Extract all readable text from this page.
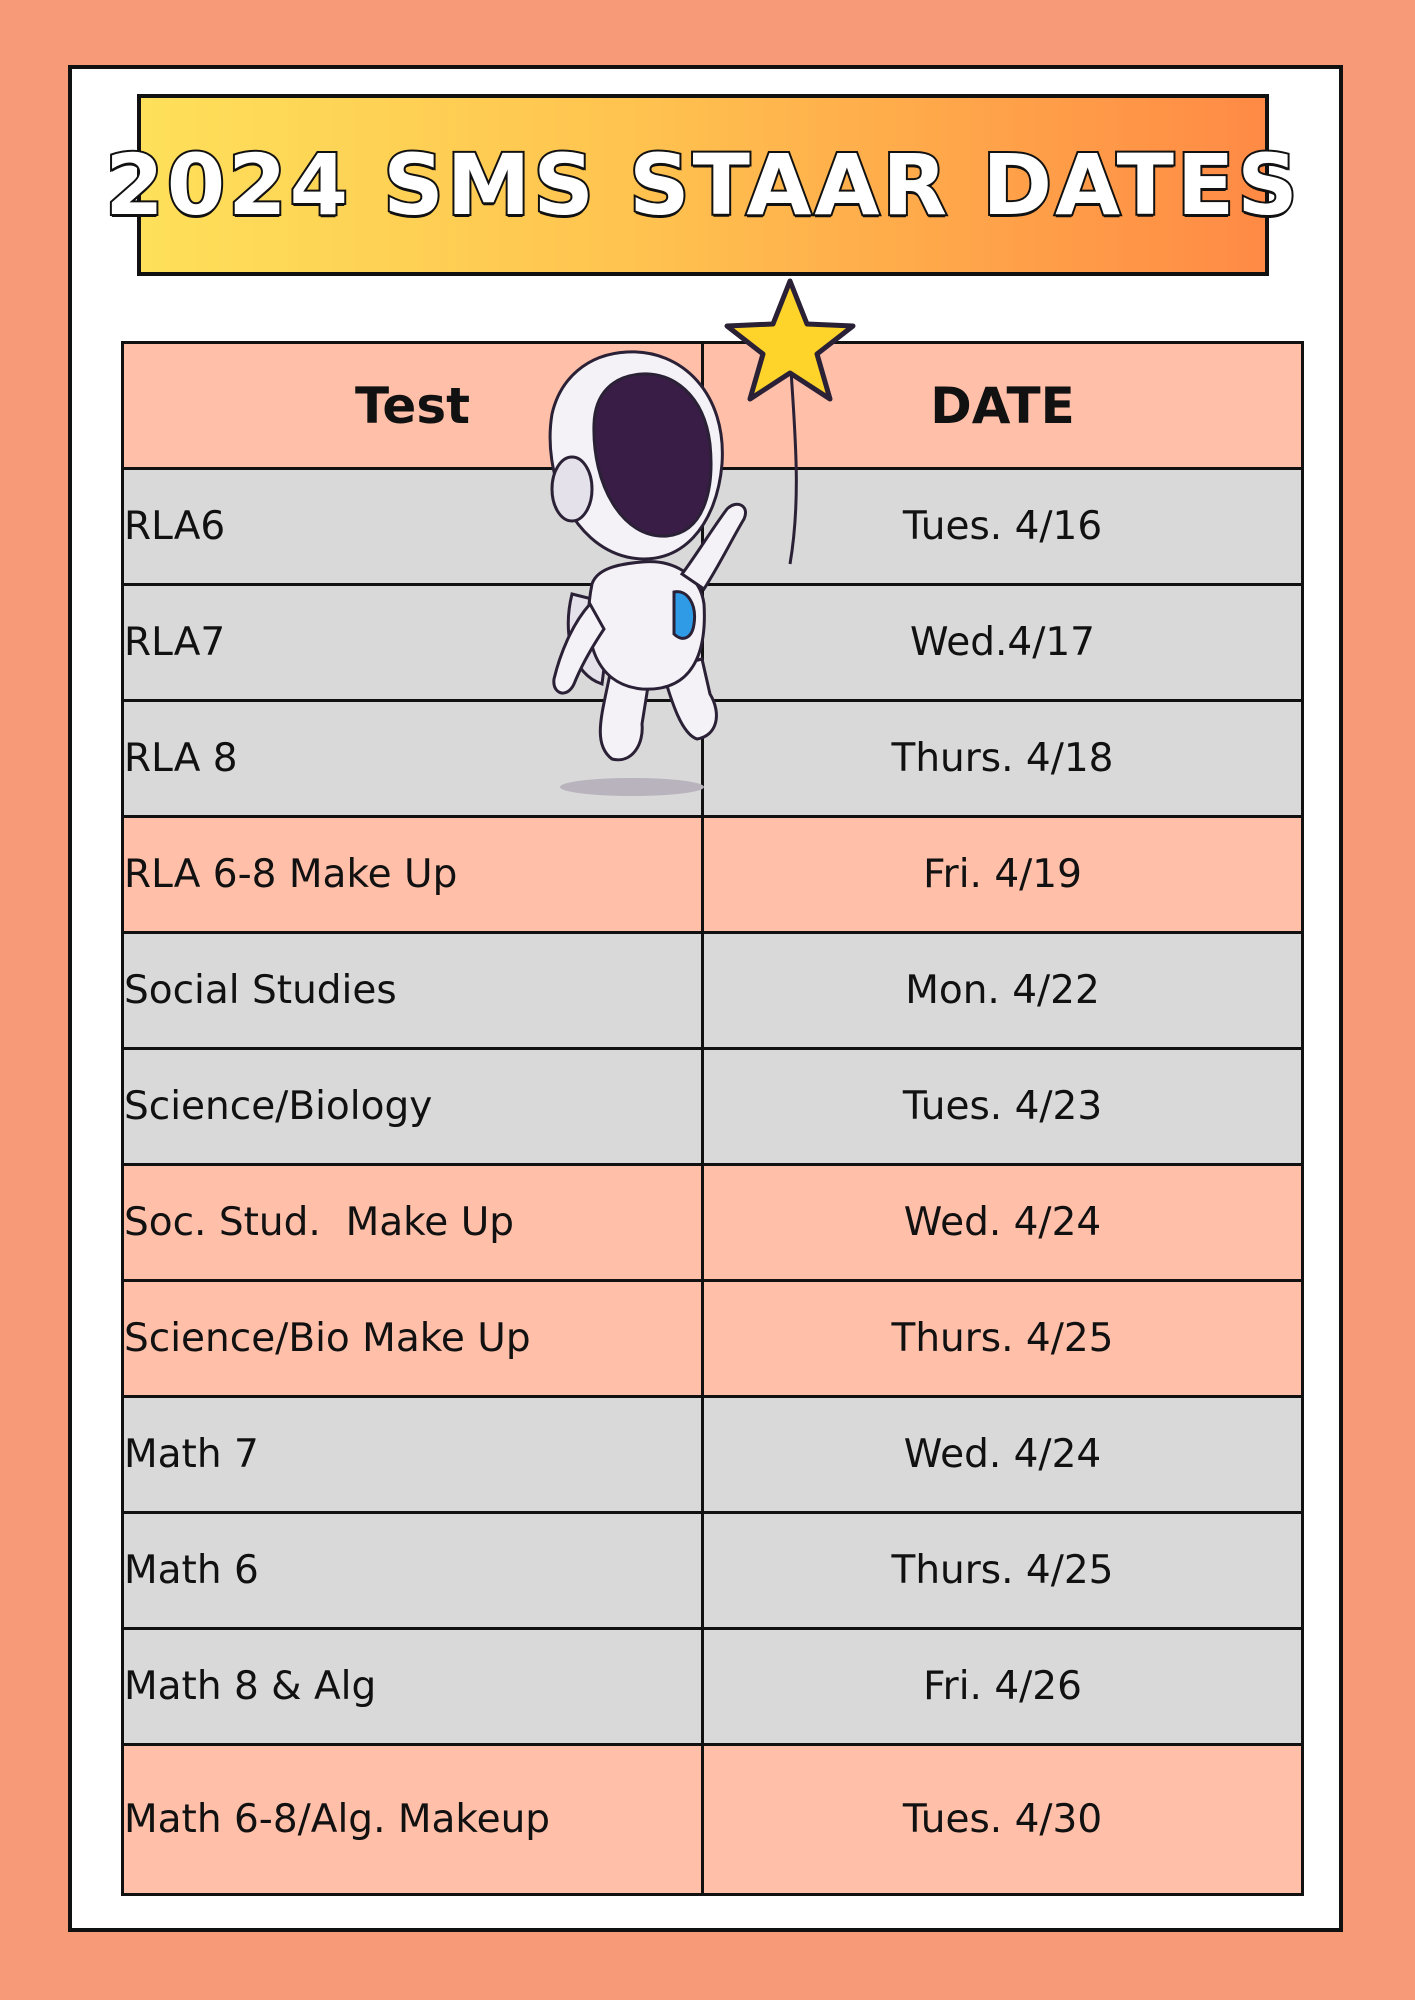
2024 SMS STAAR DATES
Test	DATE
RLA6	Tues. 4/16
RLA7	Wed.4/17
RLA 8	Thurs. 4/18
RLA 6-8 Make Up	Fri. 4/19
Social Studies	Mon. 4/22
Science/Biology	Tues. 4/23
Soc. Stud.  Make Up	Wed. 4/24
Science/Bio Make Up	Thurs. 4/25
Math 7	Wed. 4/24
Math 6	Thurs. 4/25
Math 8 & Alg	Fri. 4/26
Math 6-8/Alg. Makeup	Tues. 4/30
